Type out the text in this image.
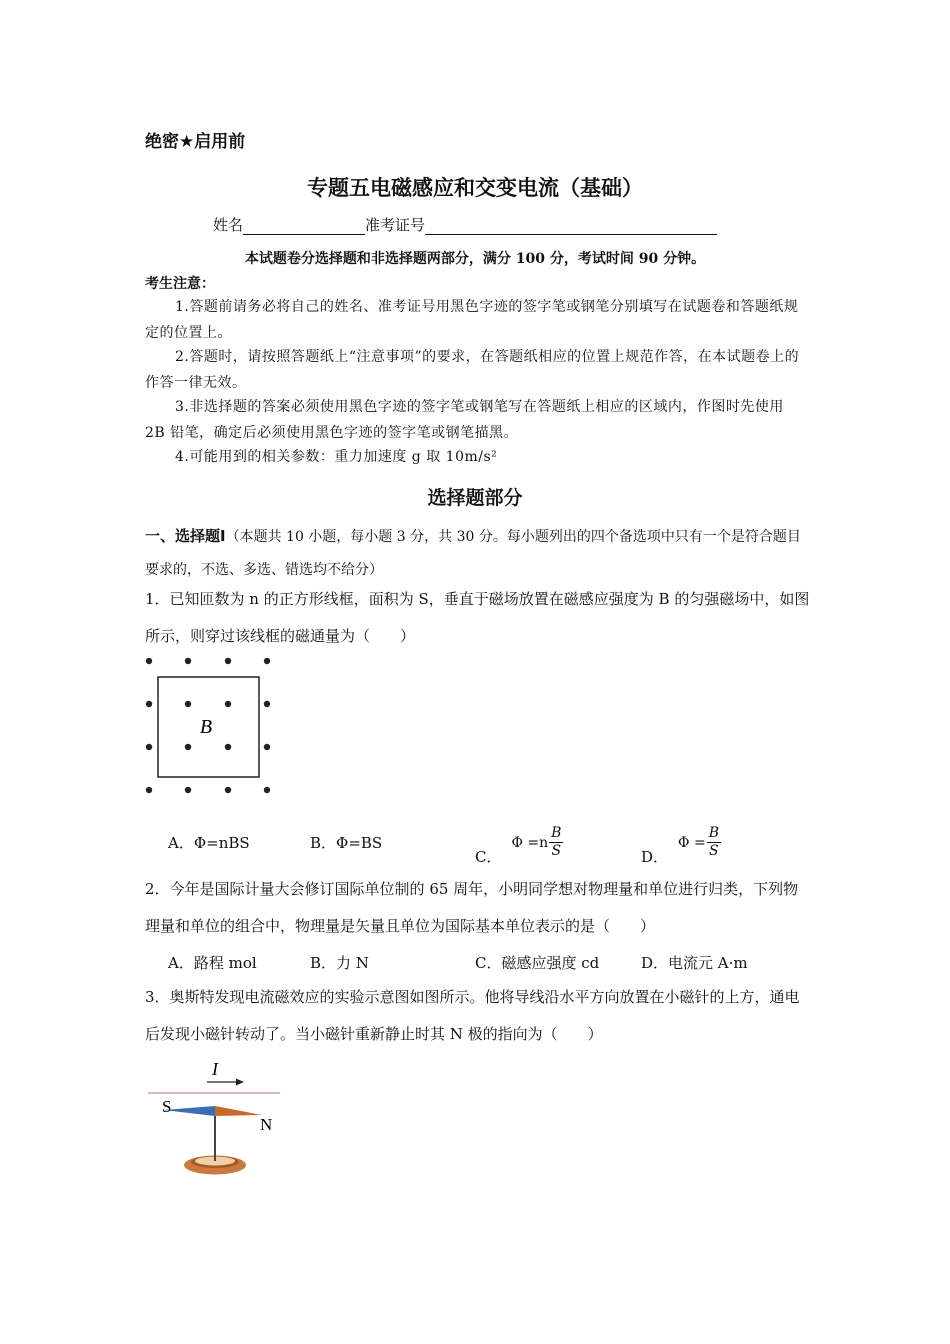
绝密★启用前
专题五电磁感应和交变电流（基础）
姓名	准考证号
本试题卷分选择题和非选择题两部分，满分 100 分，考试时间 90 分钟。
考生注意：
1.答题前请务必将自己的姓名、准考证号用黑色字迹的签字笔或钢笔分别填写在试题卷和答题纸规定的位置上。
2.答题时，请按照答题纸上“注意事项”的要求，在答题纸相应的位置上规范作答，在本试题卷上的作答一律无效。
3.非选择题的答案必须使用黑色字迹的签字笔或钢笔写在答题纸上相应的区域内，作图时先使用 2B 铅笔，确定后必须使用黑色字迹的签字笔或钢笔描黑。
4.可能用到的相关参数：重力加速度 g 取 10m/s²
选择题部分
一、选择题Ⅰ（本题共 10 小题，每小题 3 分，共 30 分。每小题列出的四个备选项中只有一个是符合题目要求的，不选、多选、错选均不给分）
1．已知匝数为 n 的正方形线框，面积为 S，垂直于磁场放置在磁感应强度为 B 的匀强磁场中，如图所示，则穿过该线框的磁通量为（　　）
B
A．Φ=nBS	B．Φ=BS
C．
$\Phi =n \frac{B}{S}$	D．
$\Phi = \frac{B}{S}$
2．今年是国际计量大会修订国际单位制的 65 周年，小明同学想对物理量和单位进行归类，下列物理量和单位的组合中，物理量是矢量且单位为国际基本单位表示的是（　　）
A．路程 mol	B．力 N	C．磁感应强度 cd	D．电流元 A·m
3．奥斯特发现电流磁效应的实验示意图如图所示。他将导线沿水平方向放置在小磁针的上方，通电后发现小磁针转动了。当小磁针重新静止时其 N 极的指向为（　　）
I
S
N
